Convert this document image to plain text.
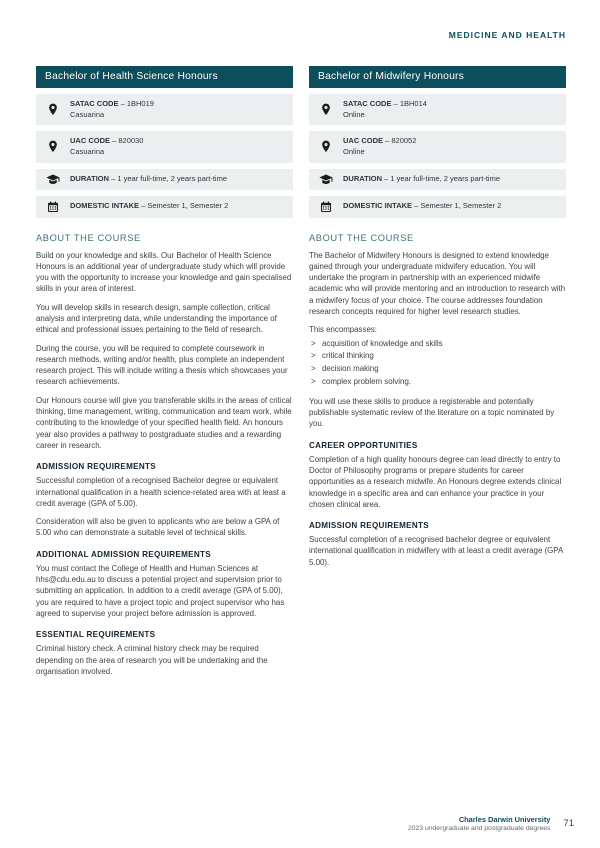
MEDICINE AND HEALTH
Bachelor of Health Science Honours
SATAC CODE – 1BH019
Casuarina
UAC CODE – 820030
Casuarina
DURATION – 1 year full-time, 2 years part-time
DOMESTIC INTAKE – Semester 1, Semester 2
ABOUT THE COURSE

Build on your knowledge and skills. Our Bachelor of Health Science Honours is an additional year of undergraduate study which will provide you with the opportunity to increase your knowledge and gain specialised skills in your area of interest.

You will develop skills in research design, sample collection, critical analysis and interpreting data, while understanding the importance of ethical and professional issues pertaining to the field of research.

During the course, you will be required to complete coursework in research methods, writing and/or health, plus complete an independent research project. This will include writing a thesis which showcases your research achievements.

Our Honours course will give you transferable skills in the areas of critical thinking, time management, writing, communication and team work, while contributing to the knowledge of your specified health field. An honours year also provides a pathway to postgraduate studies and a rewarding career in research.

ADMISSION REQUIREMENTS

Successful completion of a recognised Bachelor degree or equivalent international qualification in a health science-related area with at least a credit average (GPA of 5.00).

Consideration will also be given to applicants who are below a GPA of 5.00 who can demonstrate a suitable level of technical skills.

ADDITIONAL ADMISSION REQUIREMENTS

You must contact the College of Health and Human Sciences at hhs@cdu.edu.au to discuss a potential project and supervision prior to submitting an application. In addition to a credit average (GPA of 5.00), you are required to have a project topic and project supervisor who has agreed to supervise your project before admission is approved.

ESSENTIAL REQUIREMENTS

Criminal history check. A criminal history check may be required depending on the area of research you will be undertaking and the organisation involved.

Bachelor of Midwifery Honours
SATAC CODE – 1BH014
Online
UAC CODE – 820052
Online
DURATION – 1 year full-time, 2 years part-time
DOMESTIC INTAKE – Semester 1, Semester 2
ABOUT THE COURSE

The Bachelor of Midwifery Honours is designed to extend knowledge gained through your undergraduate midwifery education. You will undertake the program in partnership with an experienced midwife academic who will provide mentoring and an introduction to research with a midwifery focus of your choice. The course addresses foundation research concepts required for higher level research studies.

This encompasses:

> acquisition of knowledge and skills
> critical thinking
> decision making
> complex problem solving.

You will use these skills to produce a registerable and potentially publishable systematic review of the literature on a topic nominated by you.

CAREER OPPORTUNITIES

Completion of a high quality honours degree can lead directly to entry to Doctor of Philosophy programs or prepare students for career opportunities as a research midwife. An Honours degree extends clinical knowledge in a specific area and can enhance your practice in your chosen clinical area.

ADMISSION REQUIREMENTS

Successful completion of a recognised bachelor degree or equivalent international qualification in midwifery with at least a credit average (GPA 5.00).

Charles Darwin University
2023 undergraduate and postgraduate degrees 71
